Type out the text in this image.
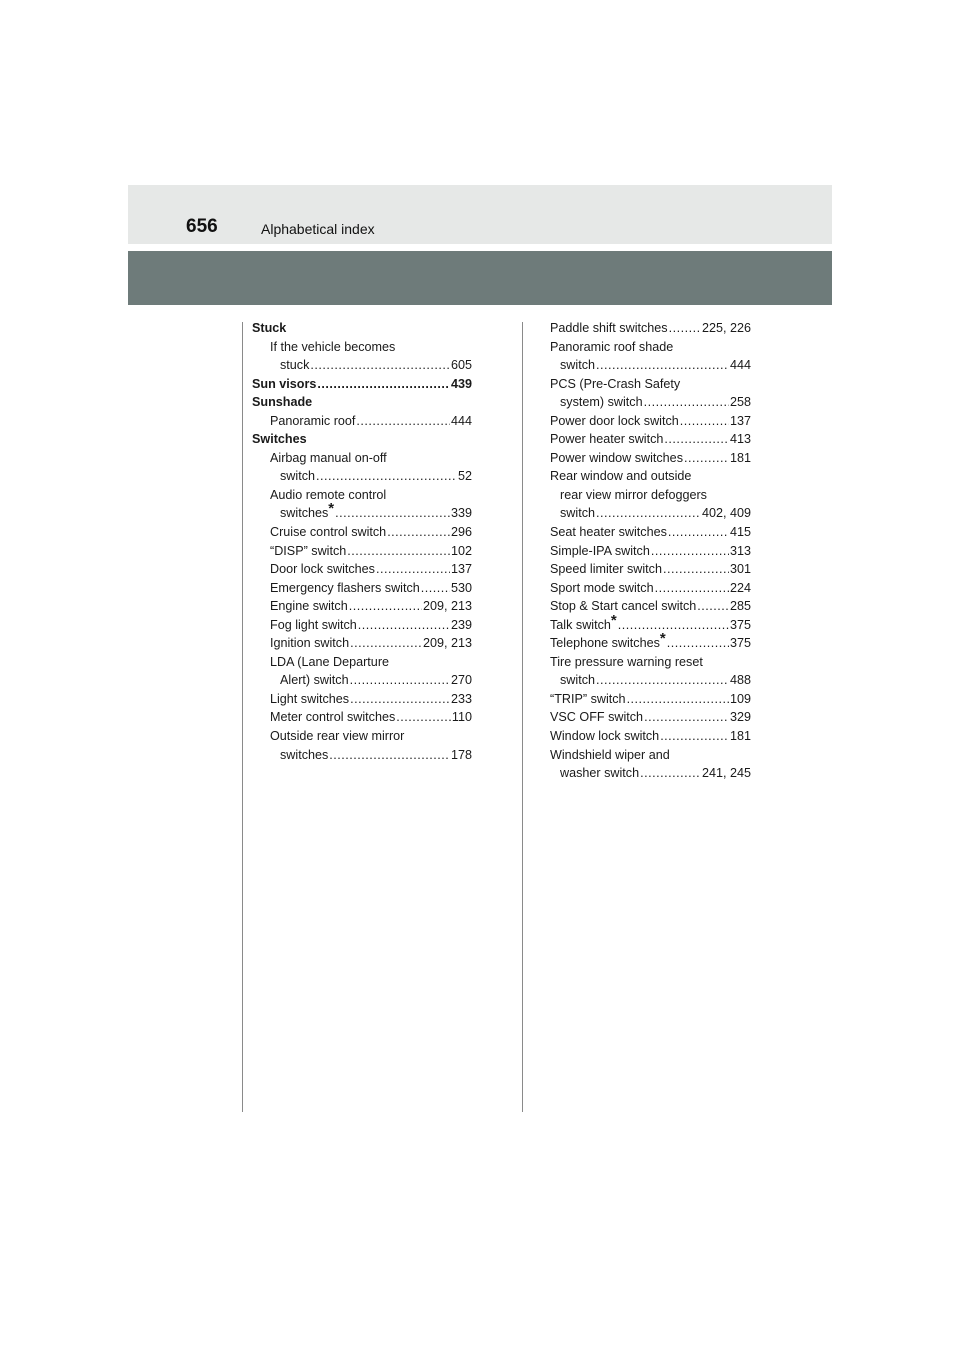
656	Alphabetical index
Stuck
If the vehicle becomes
stuck .....	605
Sun visors .....	439
Sunshade
Panoramic roof .....	444
Switches
Airbag manual on-off
switch .....	52
Audio remote control
switches* .....	339
Cruise control switch .....	296
“DISP” switch .....	102
Door lock switches .....	137
Emergency flashers switch ..... 530
Engine switch .....	209, 213
Fog light switch .....	239
Ignition switch .....	209, 213
LDA (Lane Departure
Alert) switch .....	270
Light switches .....	233
Meter control switches .....	110
Outside rear view mirror
switches .....	178
Paddle shift switches .....	225, 226
Panoramic roof shade
switch .....	444
PCS (Pre-Crash Safety
system) switch .....	258
Power door lock switch .....	137
Power heater switch .....	413
Power window switches .....	181
Rear window and outside
rear view mirror defoggers
switch .....	402, 409
Seat heater switches .....	415
Simple-IPA switch .....	313
Speed limiter switch .....	301
Sport mode switch .....	224
Stop & Start cancel switch .....	285
Talk switch* .....	375
Telephone switches* .....	375
Tire pressure warning reset
switch .....	488
“TRIP” switch .....	109
VSC OFF switch .....	329
Window lock switch .....	181
Windshield wiper and
washer switch .....	241, 245
